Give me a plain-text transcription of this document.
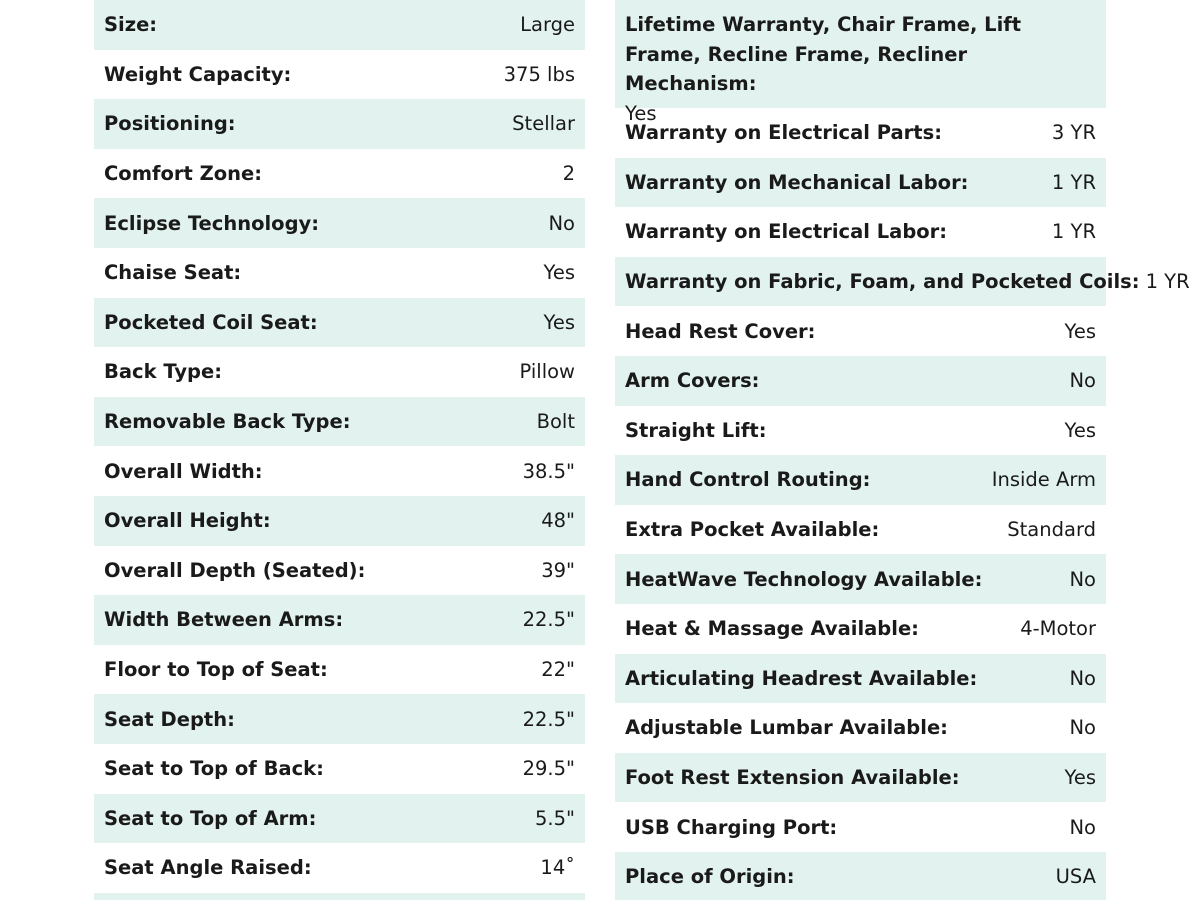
Size:	Large
Weight Capacity:	375 lbs
Positioning:	Stellar
Comfort Zone:	2
Eclipse Technology:	No
Chaise Seat:	Yes
Pocketed Coil Seat:	Yes
Back Type:	Pillow
Removable Back Type:	Bolt
Overall Width:	38.5"
Overall Height:	48"
Overall Depth (Seated):	39"
Width Between Arms:	22.5"
Floor to Top of Seat:	22"
Seat Depth:	22.5"
Seat to Top of Back:	29.5"
Seat to Top of Arm:	5.5"
Seat Angle Raised:	14˚
Lifetime Warranty, Chair Frame, Lift Frame, Recline Frame, Recliner Mechanism:
Yes
Warranty on Electrical Parts:	3 YR
Warranty on Mechanical Labor:	1 YR
Warranty on Electrical Labor:	1 YR
Warranty on Fabric, Foam, and Pocketed Coils: 1 YR
Head Rest Cover:	Yes
Arm Covers:	No
Straight Lift:	Yes
Hand Control Routing:	Inside Arm
Extra Pocket Available:	Standard
HeatWave Technology Available:	No
Heat & Massage Available:	4-Motor
Articulating Headrest Available:	No
Adjustable Lumbar Available:	No
Foot Rest Extension Available:	Yes
USB Charging Port:	No
Place of Origin:	USA
